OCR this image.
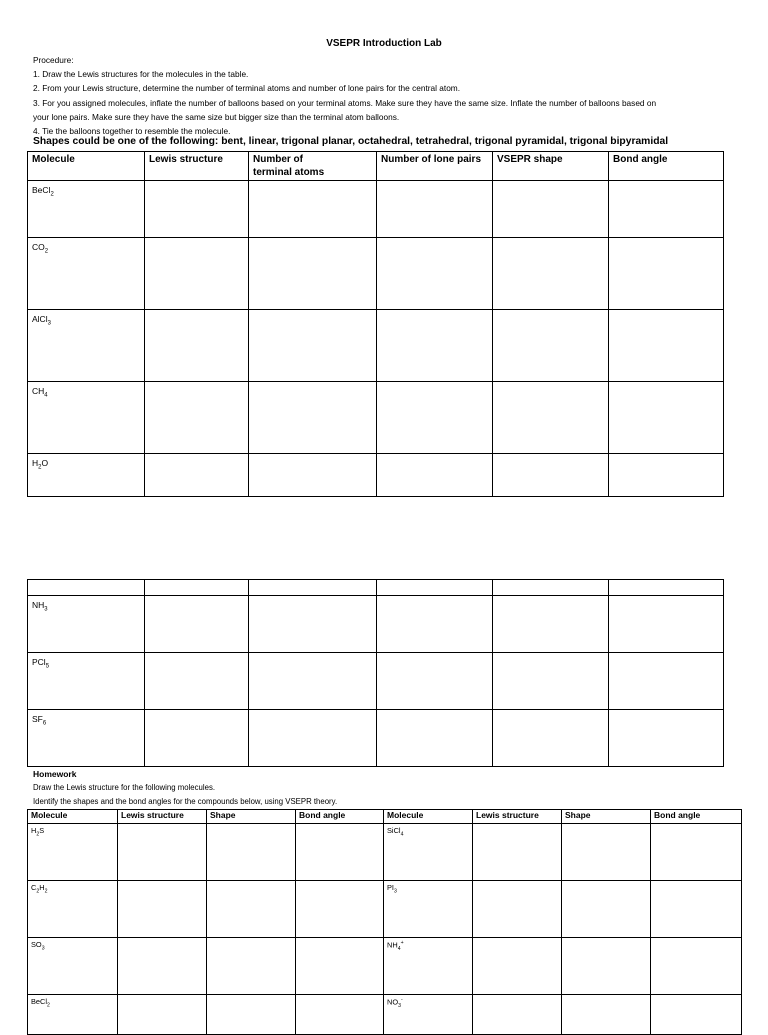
VSEPR Introduction Lab
Procedure:
1. Draw the Lewis structures for the molecules in the table.
2. From your Lewis structure, determine the number of terminal atoms and number of lone pairs for the central atom.
3. For you assigned molecules, inflate the number of balloons based on your terminal atoms. Make sure they have the same size. Inflate the number of balloons based on
your lone pairs. Make sure they have the same size but bigger size than the terminal atom balloons.
4. Tie the balloons together to resemble the molecule.
Shapes could be one of the following: bent, linear, trigonal planar, octahedral, tetrahedral, trigonal pyramidal, trigonal bipyramidal
Molecule	Lewis structure	Number of
terminal atoms	Number of lone pairs	VSEPR shape	Bond angle
BeCl$_2$					
$CO_2$					
AlCl$_3$					
$CH_4$					
$H_2O$					

$NH_3$					
PCl$_5$					
$SF_6$					
Homework
Draw the Lewis structure for the following molecules.
Identify the shapes and the bond angles for the compounds below, using VSEPR theory.
Molecule	Lewis structure	Shape	Bond angle	Molecule	Lewis structure	Shape	Bond angle
$H_2S$				SiCl$_4$			
$C_2H_2$				$PI_3$			
$SO_3$				$NH_4^+$			
BeCl$_2$				$NO_3^-$			
